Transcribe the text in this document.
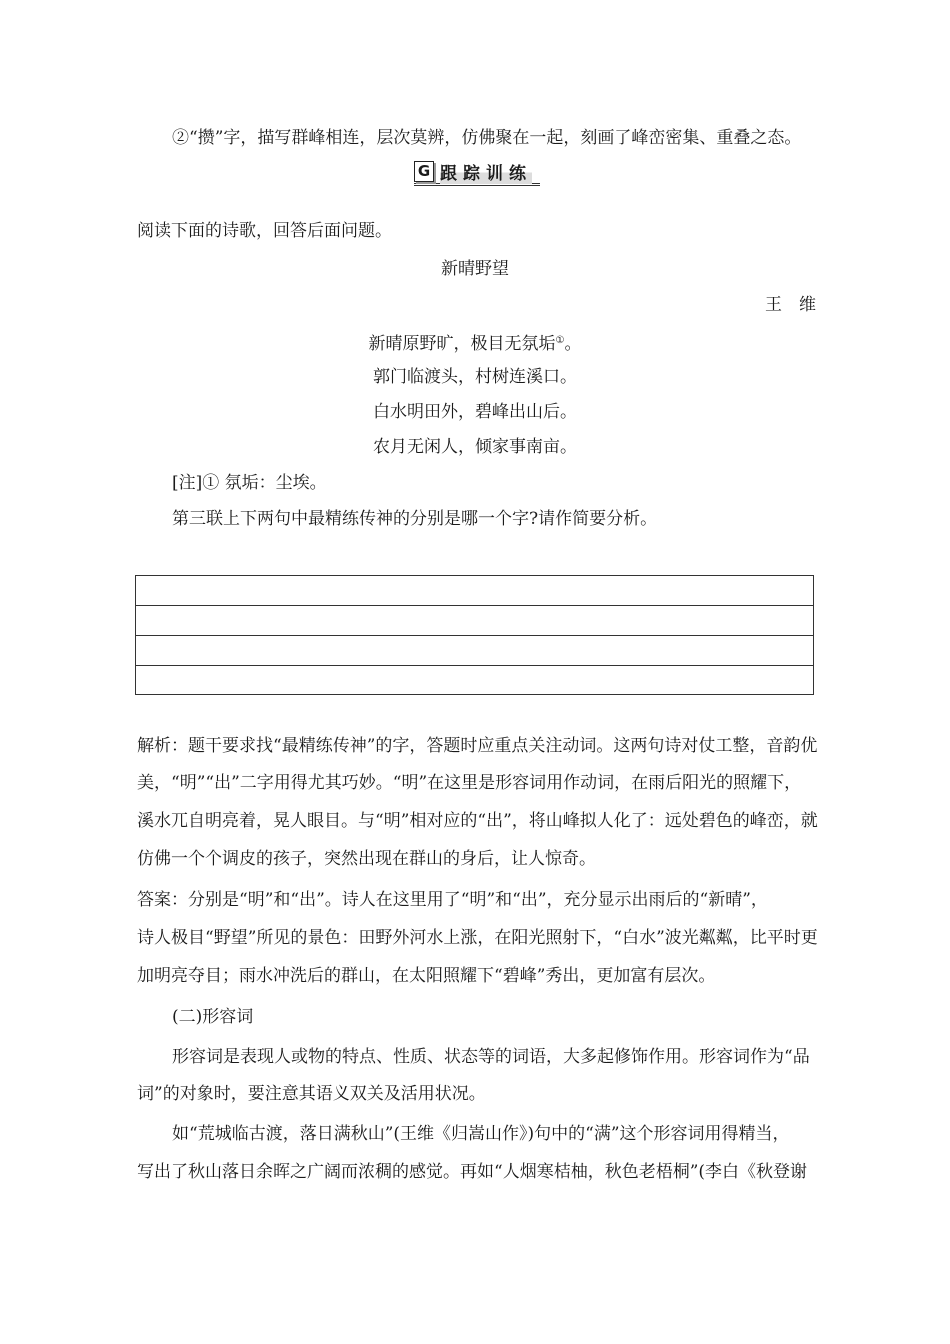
②“攒”字，描写群峰相连，层次莫辨，仿佛聚在一起，刻画了峰峦密集、重叠之态。
G 跟踪训练
阅读下面的诗歌，回答后面问题。
新晴野望
王　维
新晴原野旷，极目无氛垢①。
郭门临渡头，村树连溪口。
白水明田外，碧峰出山后。
农月无闲人，倾家事南亩。
[注]① 氛垢：尘埃。
第三联上下两句中最精练传神的分别是哪一个字?请作简要分析。
解析：题干要求找“最精练传神”的字，答题时应重点关注动词。这两句诗对仗工整，音韵优
美，“明”“出”二字用得尤其巧妙。“明”在这里是形容词用作动词，在雨后阳光的照耀下，
溪水兀自明亮着，晃人眼目。与“明”相对应的“出”，将山峰拟人化了：远处碧色的峰峦，就
仿佛一个个调皮的孩子，突然出现在群山的身后，让人惊奇。
答案：分别是“明”和“出”。诗人在这里用了“明”和“出”，充分显示出雨后的“新晴”，
诗人极目“野望”所见的景色：田野外河水上涨，在阳光照射下，“白水”波光粼粼，比平时更
加明亮夺目；雨水冲洗后的群山，在太阳照耀下“碧峰”秀出，更加富有层次。
(二)形容词
形容词是表现人或物的特点、性质、状态等的词语，大多起修饰作用。形容词作为“品
词”的对象时，要注意其语义双关及活用状况。
如“荒城临古渡，落日满秋山”(王维《归嵩山作》)句中的“满”这个形容词用得精当，
写出了秋山落日余晖之广阔而浓稠的感觉。再如“人烟寒桔柚，秋色老梧桐”(李白《秋登谢
